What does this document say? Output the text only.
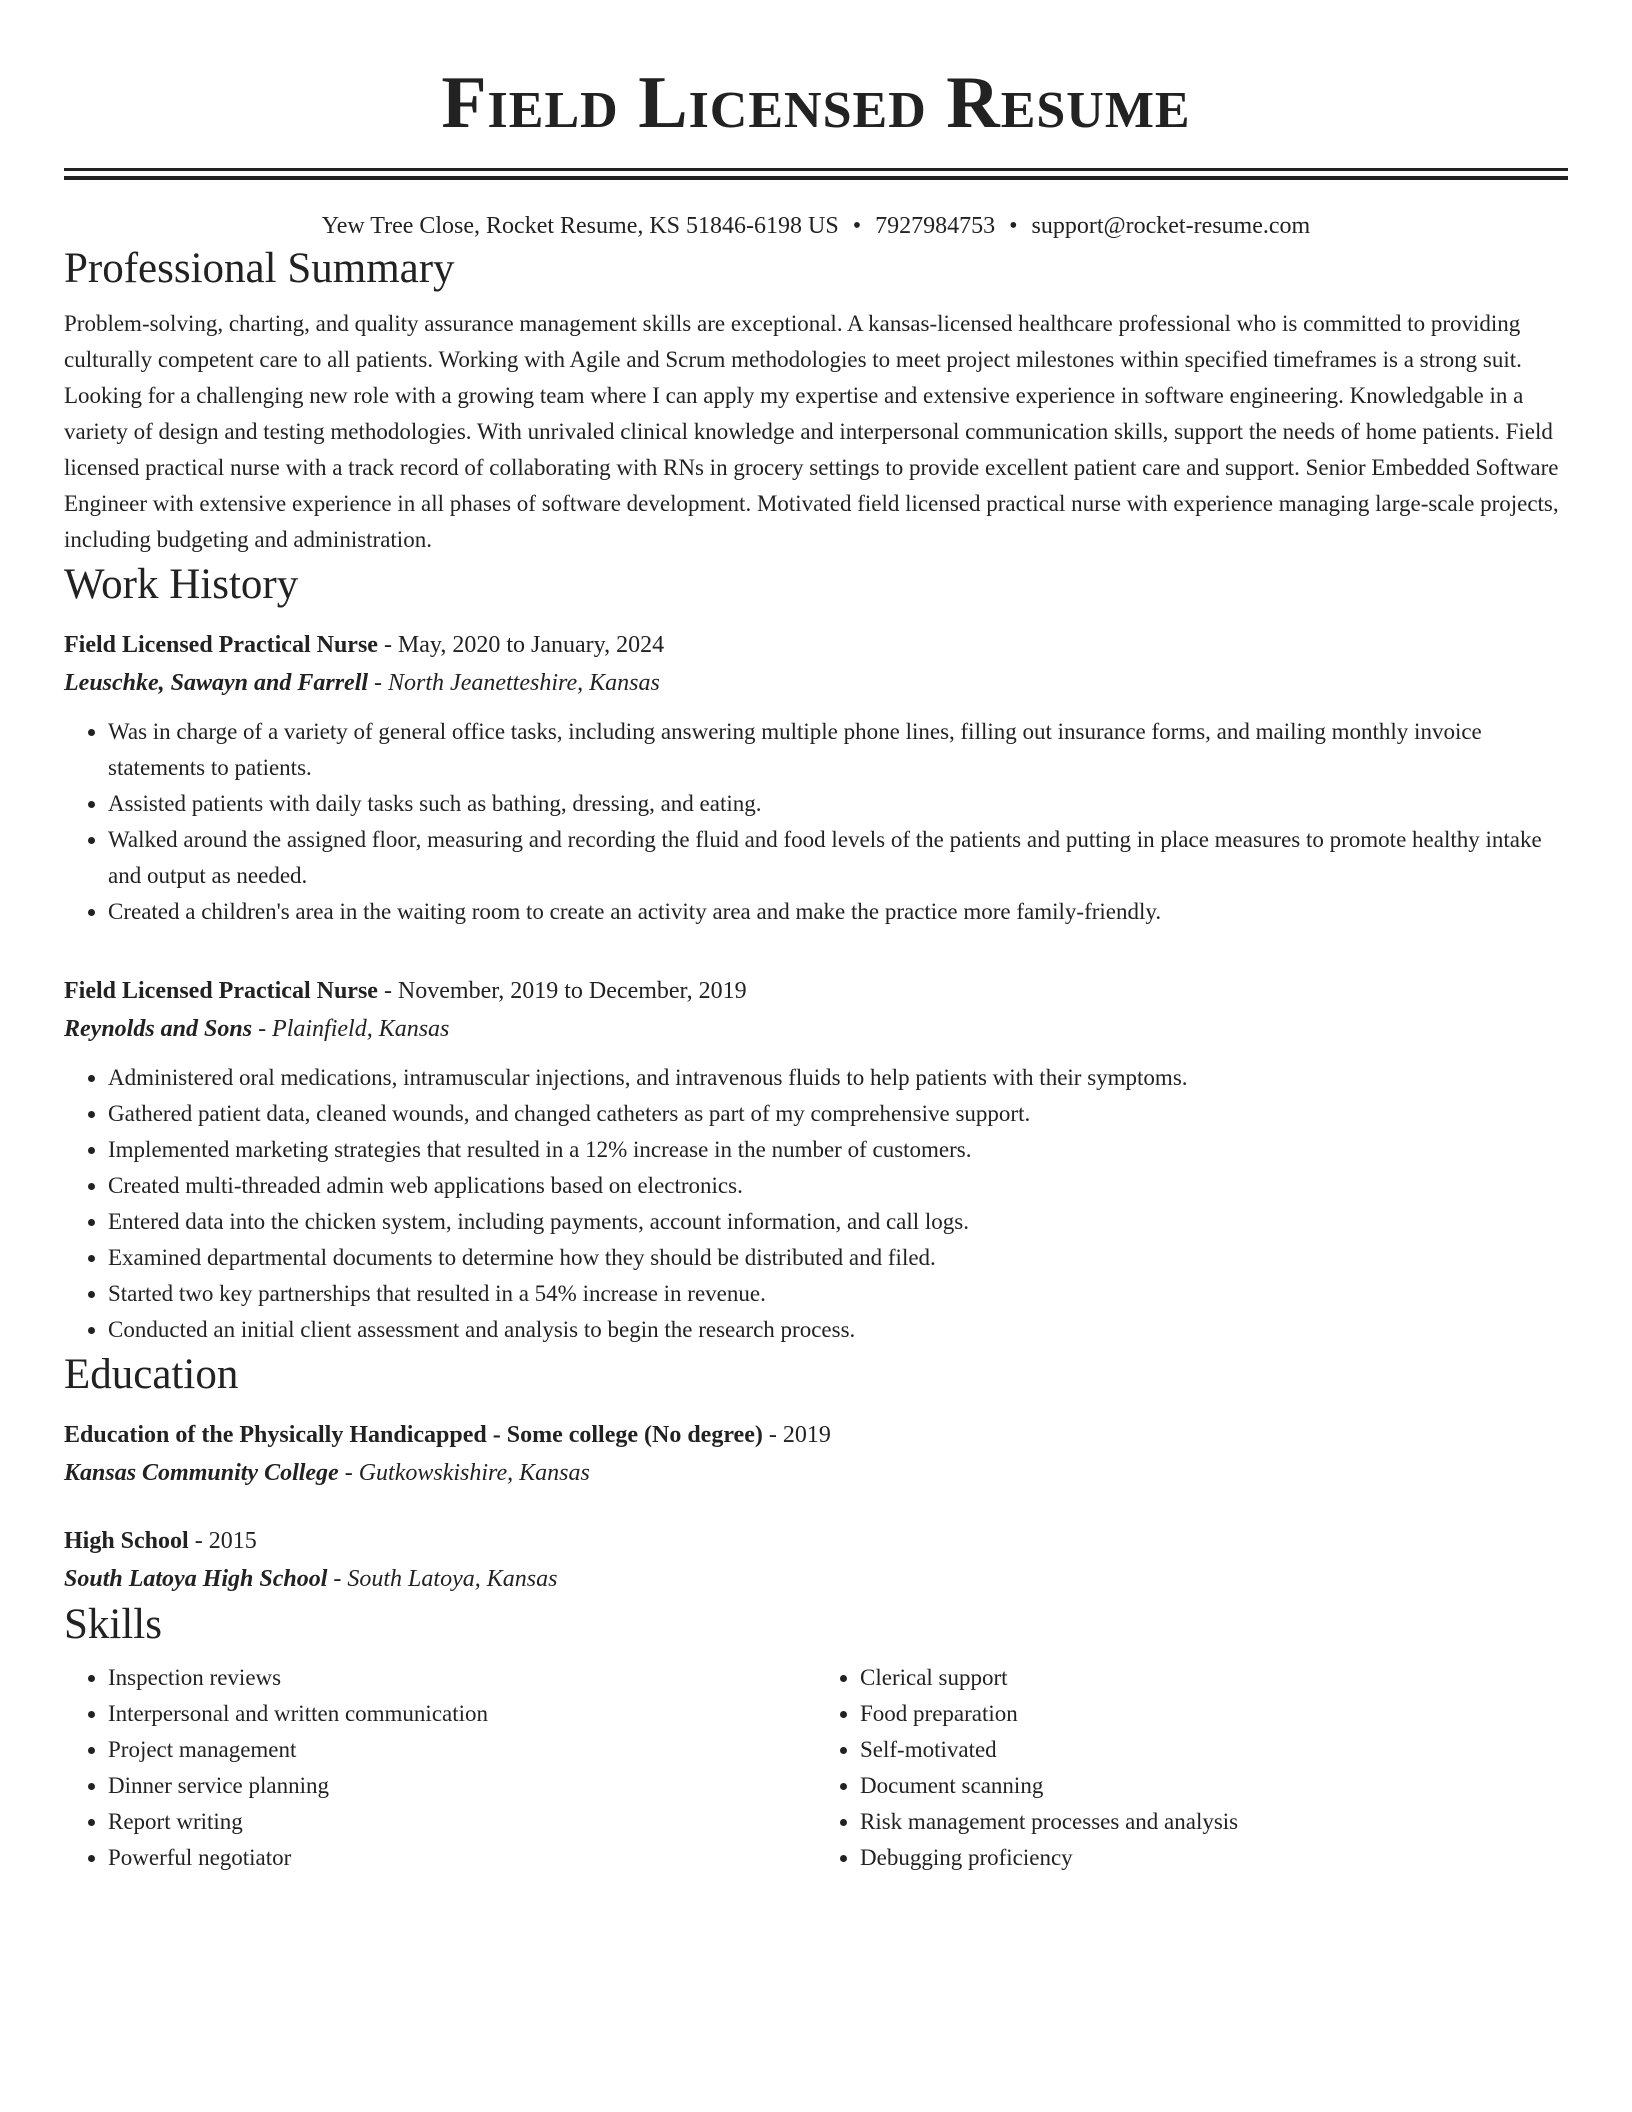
Field Licensed Resume
Yew Tree Close, Rocket Resume, KS 51846-6198 US • 7927984753 • support@rocket-resume.com
Professional Summary

Problem-solving, charting, and quality assurance management skills are exceptional. A kansas-licensed healthcare professional who is committed to providing culturally competent care to all patients. Working with Agile and Scrum methodologies to meet project milestones within specified timeframes is a strong suit. Looking for a challenging new role with a growing team where I can apply my expertise and extensive experience in software engineering. Knowledgable in a variety of design and testing methodologies. With unrivaled clinical knowledge and interpersonal communication skills, support the needs of home patients. Field licensed practical nurse with a track record of collaborating with RNs in grocery settings to provide excellent patient care and support. Senior Embedded Software Engineer with extensive experience in all phases of software development. Motivated field licensed practical nurse with experience managing large-scale projects, including budgeting and administration.

Work History
Field Licensed Practical Nurse - May, 2020 to January, 2024
Leuschke, Sawayn and Farrell - North Jeanetteshire, Kansas
• Was in charge of a variety of general office tasks, including answering multiple phone lines, filling out insurance forms, and mailing monthly invoice statements to patients.
• Assisted patients with daily tasks such as bathing, dressing, and eating.
• Walked around the assigned floor, measuring and recording the fluid and food levels of the patients and putting in place measures to promote healthy intake and output as needed.
• Created a children's area in the waiting room to create an activity area and make the practice more family-friendly.
Field Licensed Practical Nurse - November, 2019 to December, 2019
Reynolds and Sons - Plainfield, Kansas
• Administered oral medications, intramuscular injections, and intravenous fluids to help patients with their symptoms.
• Gathered patient data, cleaned wounds, and changed catheters as part of my comprehensive support.
• Implemented marketing strategies that resulted in a 12% increase in the number of customers.
• Created multi-threaded admin web applications based on electronics.
• Entered data into the chicken system, including payments, account information, and call logs.
• Examined departmental documents to determine how they should be distributed and filed.
• Started two key partnerships that resulted in a 54% increase in revenue.
• Conducted an initial client assessment and analysis to begin the research process.
Education
Education of the Physically Handicapped - Some college (No degree) - 2019
Kansas Community College - Gutkowskishire, Kansas
High School - 2015
South Latoya High School - South Latoya, Kansas
Skills
• Inspection reviews
• Interpersonal and written communication
• Project management
• Dinner service planning
• Report writing
• Powerful negotiator
• Clerical support
• Food preparation
• Self-motivated
• Document scanning
• Risk management processes and analysis
• Debugging proficiency
